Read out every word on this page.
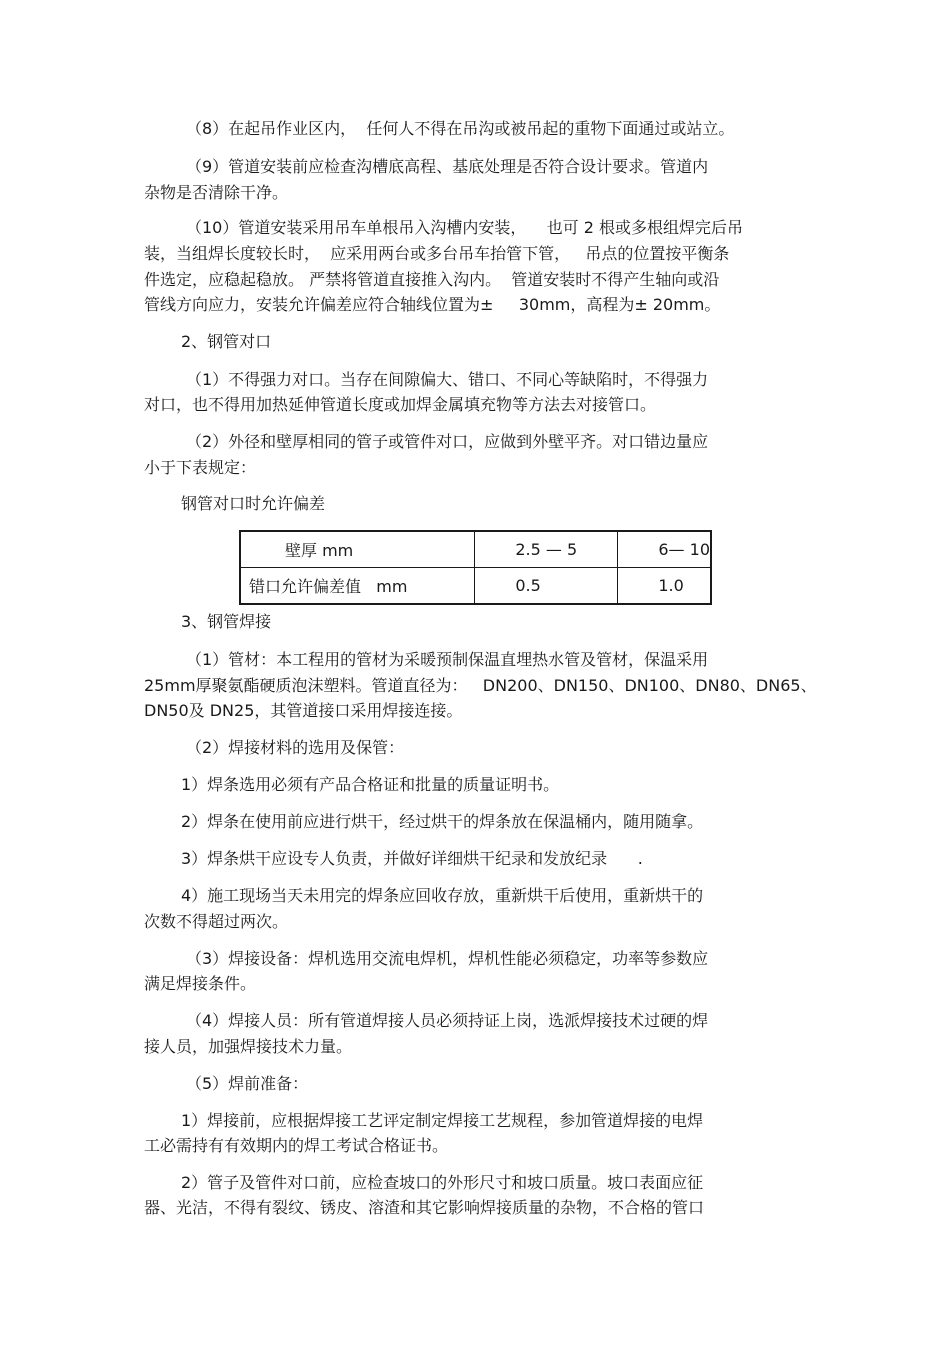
（8）在起吊作业区内，  任何人不得在吊沟或被吊起的重物下面通过或站立。
（9）管道安装前应检查沟槽底高程、基底处理是否符合设计要求。管道内
杂物是否清除干净。
（10）管道安装采用吊车单根吊入沟槽内安装，    也可 2 根或多根组焊完后吊
装，当组焊长度较长时，  应采用两台或多台吊车抬管下管，   吊点的位置按平衡条
件选定，应稳起稳放。 严禁将管道直接推入沟内。  管道安装时不得产生轴向或沿
管线方向应力，安装允许偏差应符合轴线位置为±     30mm，高程为± 20mm。
2、钢管对口
（1）不得强力对口。当存在间隙偏大、错口、不同心等缺陷时，不得强力
对口，也不得用加热延伸管道长度或加焊金属填充物等方法去对接管口。
（2）外径和壁厚相同的管子或管件对口，应做到外壁平齐。对口错边量应
小于下表规定：
钢管对口时允许偏差
3、钢管焊接
（1）管材：本工程用的管材为采暖预制保温直埋热水管及管材，保温采用
25mm厚聚氨酯硬质泡沫塑料。管道直径为：   DN200、DN150、DN100、DN80、DN65、
DN50及 DN25，其管道接口采用焊接连接。
（2）焊接材料的选用及保管：
1）焊条选用必须有产品合格证和批量的质量证明书。
2）焊条在使用前应进行烘干，经过烘干的焊条放在保温桶内，随用随拿。
3）焊条烘干应设专人负责，并做好详细烘干纪录和发放纪录      .
4）施工现场当天未用完的焊条应回收存放，重新烘干后使用，重新烘干的
次数不得超过两次。
（3）焊接设备：焊机选用交流电焊机，焊机性能必须稳定，功率等参数应
满足焊接条件。
（4）焊接人员：所有管道焊接人员必须持证上岗，选派焊接技术过硬的焊
接人员，加强焊接技术力量。
（5）焊前准备：
1）焊接前，应根据焊接工艺评定制定焊接工艺规程，参加管道焊接的电焊
工必需持有有效期内的焊工考试合格证书。
2）管子及管件对口前，应检查坡口的外形尺寸和坡口质量。坡口表面应征
器、光洁，不得有裂纹、锈皮、溶渣和其它影响焊接质量的杂物，不合格的管口
壁厚 mm	2.5 — 5	6— 10
错口允许偏差值   mm	0.5	1.0
